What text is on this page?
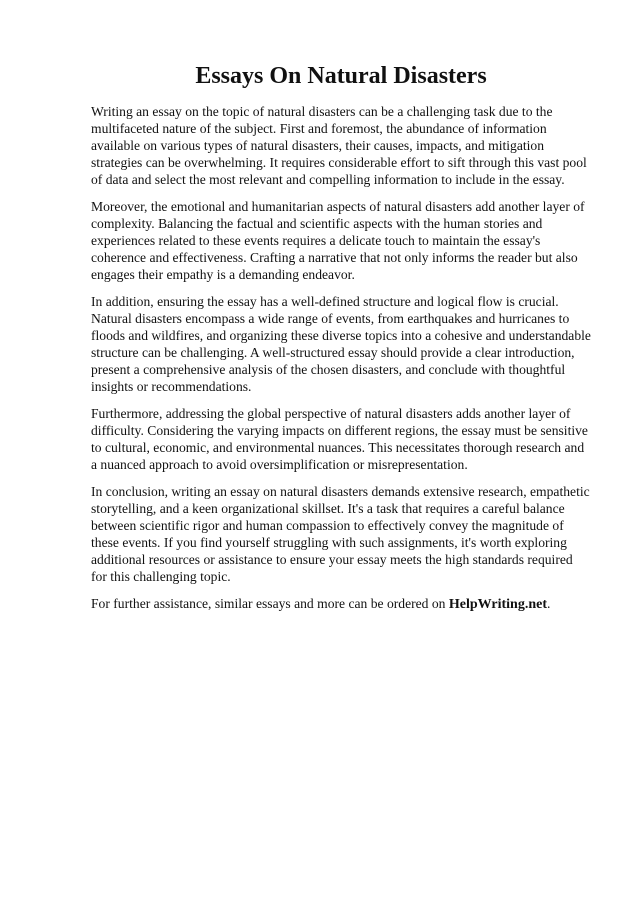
Essays On Natural Disasters

Writing an essay on the topic of natural disasters can be a challenging task due to the multifaceted nature of the subject. First and foremost, the abundance of information available on various types of natural disasters, their causes, impacts, and mitigation strategies can be overwhelming. It requires considerable effort to sift through this vast pool of data and select the most relevant and compelling information to include in the essay.

Moreover, the emotional and humanitarian aspects of natural disasters add another layer of complexity. Balancing the factual and scientific aspects with the human stories and experiences related to these events requires a delicate touch to maintain the essay's coherence and effectiveness. Crafting a narrative that not only informs the reader but also engages their empathy is a demanding endeavor.

In addition, ensuring the essay has a well-defined structure and logical flow is crucial. Natural disasters encompass a wide range of events, from earthquakes and hurricanes to floods and wildfires, and organizing these diverse topics into a cohesive and understandable structure can be challenging. A well-structured essay should provide a clear introduction, present a comprehensive analysis of the chosen disasters, and conclude with thoughtful insights or recommendations.

Furthermore, addressing the global perspective of natural disasters adds another layer of difficulty. Considering the varying impacts on different regions, the essay must be sensitive to cultural, economic, and environmental nuances. This necessitates thorough research and a nuanced approach to avoid oversimplification or misrepresentation.

In conclusion, writing an essay on natural disasters demands extensive research, empathetic storytelling, and a keen organizational skillset. It's a task that requires a careful balance between scientific rigor and human compassion to effectively convey the magnitude of these events. If you find yourself struggling with such assignments, it's worth exploring additional resources or assistance to ensure your essay meets the high standards required for this challenging topic.

For further assistance, similar essays and more can be ordered on HelpWriting.net.
